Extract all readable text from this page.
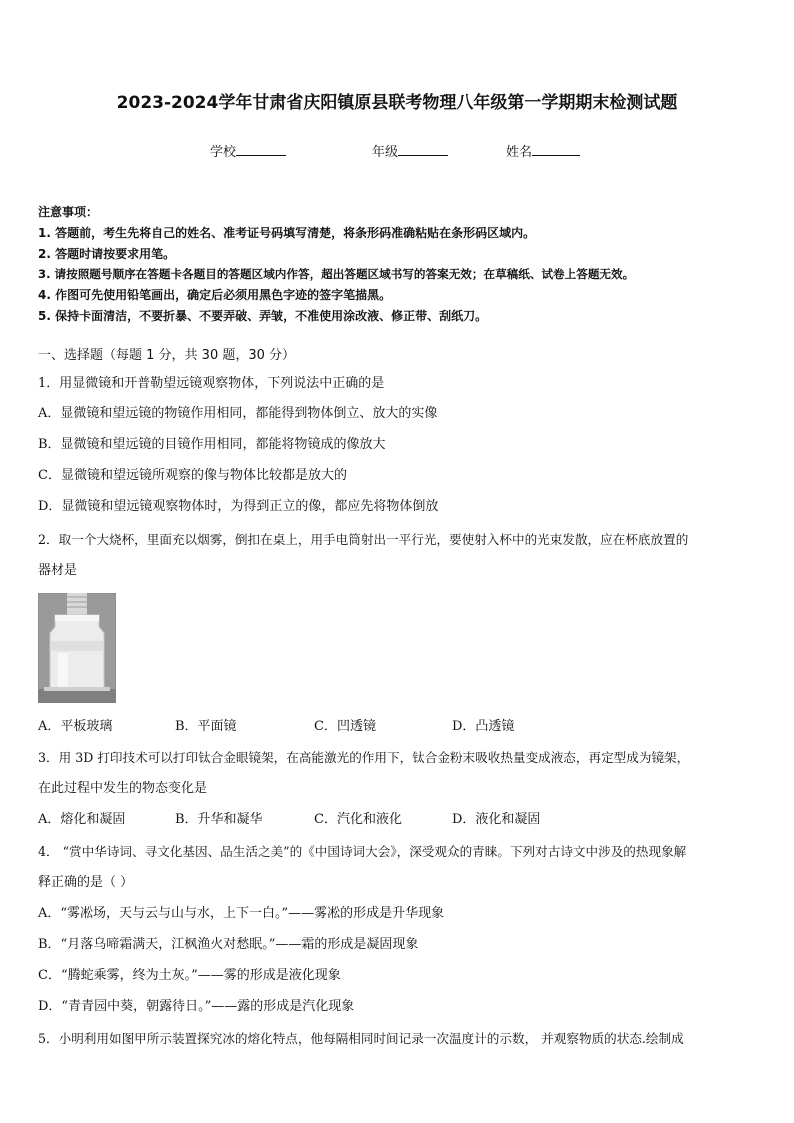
2023-2024学年甘肃省庆阳镇原县联考物理八年级第一学期期末检测试题
学校	年级	姓名
注意事项：
1. 答题前，考生先将自己的姓名、准考证号码填写清楚，将条形码准确粘贴在条形码区域内。
2. 答题时请按要求用笔。
3. 请按照题号顺序在答题卡各题目的答题区域内作答，超出答题区域书写的答案无效；在草稿纸、试卷上答题无效。
4. 作图可先使用铅笔画出，确定后必须用黑色字迹的签字笔描黑。
5. 保持卡面清洁，不要折暴、不要弄破、弄皱，不准使用涂改液、修正带、刮纸刀。
一、选择题（每题 1 分，共 30 题，30 分）
1．用显微镜和开普勒望远镜观察物体，下列说法中正确的是
A．显微镜和望远镜的物镜作用相同，都能得到物体倒立、放大的实像
B．显微镜和望远镜的目镜作用相同，都能将物镜成的像放大
C．显微镜和望远镜所观察的像与物体比较都是放大的
D．显微镜和望远镜观察物体时，为得到正立的像，都应先将物体倒放
2．取一个大烧杯，里面充以烟雾，倒扣在桌上，用手电筒射出一平行光，要使射入杯中的光束发散，应在杯底放置的
器材是
A．平板玻璃	B．平面镜	C．凹透镜	D．凸透镜
3．用 3D 打印技术可以打印钛合金眼镜架，在高能激光的作用下，钛合金粉末吸收热量变成液态，再定型成为镜架，
在此过程中发生的物态变化是
A．熔化和凝固	B．升华和凝华	C．汽化和液化	D．液化和凝固
4． “赏中华诗词、寻文化基因、品生活之美”的《中国诗词大会》，深受观众的青睐。下列对古诗文中涉及的热现象解
释正确的是（ ）
A．“雾凇场，天与云与山与水，上下一白。”——雾凇的形成是升华现象
B．“月落乌啼霜满天，江枫渔火对愁眠。”——霜的形成是凝固现象
C．“腾蛇乘雾，终为土灰。”——雾的形成是液化现象
D．“青青园中葵，朝露待日。”——露的形成是汽化现象
5．小明利用如图甲所示装置探究冰的熔化特点，他每隔相同时间记录一次温度计的示数， 并观察物质的状态.绘制成
